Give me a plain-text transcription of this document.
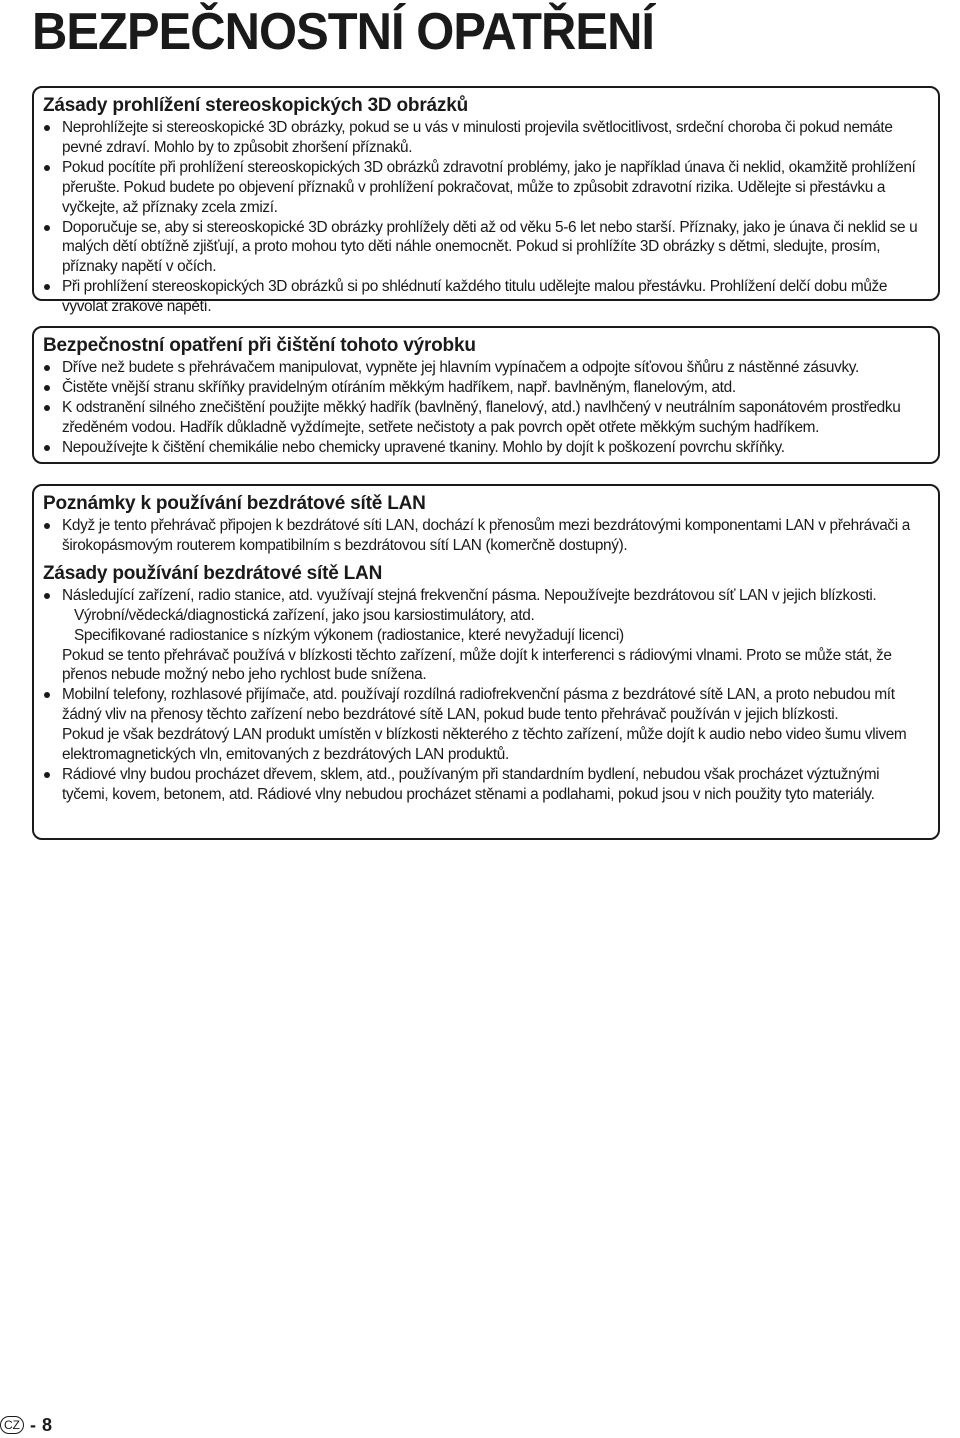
BEZPEČNOSTNÍ OPATŘENÍ
Zásady prohlížení stereoskopických 3D obrázků
Neprohlížejte si stereoskopické 3D obrázky, pokud se u vás v minulosti projevila světlocitlivost, srdeční choroba či pokud nemáte pevné zdraví. Mohlo by to způsobit zhoršení příznaků.
Pokud pocítíte při prohlížení stereoskopických 3D obrázků zdravotní problémy, jako je například únava či neklid, okamžitě prohlížení přerušte. Pokud budete po objevení příznaků v prohlížení pokračovat, může to způsobit zdravotní rizika. Udělejte si přestávku a vyčkejte, až příznaky zcela zmizí.
Doporučuje se, aby si stereoskopické 3D obrázky prohlížely děti až od věku 5-6 let nebo starší. Příznaky, jako je únava či neklid se u malých dětí obtížně zjišťují, a proto mohou tyto děti náhle onemocnět. Pokud si prohlížíte 3D obrázky s dětmi, sledujte, prosím, příznaky napětí v očích.
Při prohlížení stereoskopických 3D obrázků si po shlédnutí každého titulu udělejte malou přestávku. Prohlížení delčí dobu může vyvolat zrakové napětí.
Bezpečnostní opatření při čištění tohoto výrobku
Dříve než budete s přehrávačem manipulovat, vypněte jej hlavním vypínačem a odpojte síťovou šňůru z nástěnné zásuvky.
Čistěte vnější stranu skříňky pravidelným otíráním měkkým hadříkem, např. bavlněným, flanelovým, atd.
K odstranění silného znečištění použijte měkký hadřík (bavlněný, flanelový, atd.) navlhčený v neutrálním saponátovém prostředku zředěném vodou. Hadřík důkladně vyždímejte, setřete nečistoty a pak povrch opět otřete měkkým suchým hadříkem.
Nepoužívejte k čištění chemikálie nebo chemicky upravené tkaniny. Mohlo by dojít k poškození povrchu skříňky.
Poznámky k používání bezdrátové sítě LAN
Když je tento přehrávač připojen k bezdrátové síti LAN, dochází k přenosům mezi bezdrátovými komponentami LAN v přehrávači a širokopásmovým routerem kompatibilním s bezdrátovou sítí LAN (komerčně dostupný).
Zásady používání bezdrátové sítě LAN
Následující zařízení, radio stanice, atd. využívají stejná frekvenční pásma. Nepoužívejte bezdrátovou síť LAN v jejich blízkosti.
Výrobní/vědecká/diagnostická zařízení, jako jsou karsiostimulátory, atd.
Specifikované radiostanice s nízkým výkonem (radiostanice, které nevyžadují licenci)
Pokud se tento přehrávač používá v blízkosti těchto zařízení, může dojít k interferenci s rádiovými vlnami. Proto se může stát, že přenos nebude možný nebo jeho rychlost bude snížena.
Mobilní telefony, rozhlasové přijímače, atd. používají rozdílná radiofrekvenční pásma z bezdrátové sítě LAN, a proto nebudou mít žádný vliv na přenosy těchto zařízení nebo bezdrátové sítě LAN, pokud bude tento přehrávač používán v jejich blízkosti.
Pokud je však bezdrátový LAN produkt umístěn v blízkosti některého z těchto zařízení, může dojít k audio nebo video šumu vlivem elektromagnetických vln, emitovaných z bezdrátových LAN produktů.
Rádiové vlny budou procházet dřevem, sklem, atd., používaným při standardním bydlení, nebudou však procházet výztužnými tyčemi, kovem, betonem, atd. Rádiové vlny nebudou procházet stěnami a podlahami, pokud jsou v nich použity tyto materiály.
CZ - 8
